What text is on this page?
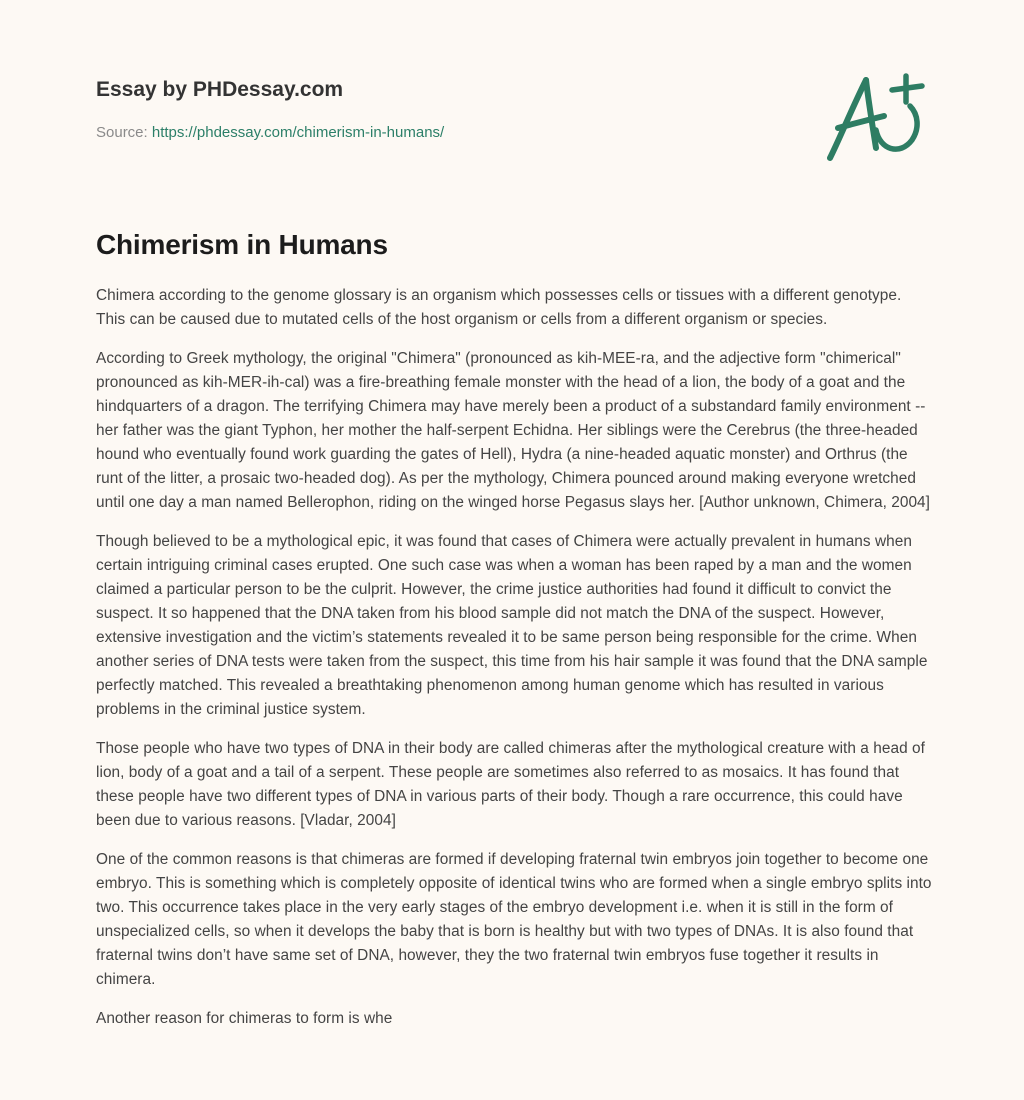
Essay by PHDessay.com
Source: https://phdessay.com/chimerism-in-humans/
Chimerism in Humans

Chimera according to the genome glossary is an organism which possesses cells or tissues with a different genotype. This can be caused due to mutated cells of the host organism or cells from a different organism or species.

According to Greek mythology, the original "Chimera" (pronounced as kih-MEE-ra, and the adjective form "chimerical" pronounced as kih-MER-ih-cal) was a fire-breathing female monster with the head of a lion, the body of a goat and the hindquarters of a dragon. The terrifying Chimera may have merely been a product of a substandard family environment -- her father was the giant Typhon, her mother the half-serpent Echidna. Her siblings were the Cerebrus (the three-headed hound who eventually found work guarding the gates of Hell), Hydra (a nine-headed aquatic monster) and Orthrus (the runt of the litter, a prosaic two-headed dog). As per the mythology, Chimera pounced around making everyone wretched until one day a man named Bellerophon, riding on the winged horse Pegasus slays her. [Author unknown, Chimera, 2004]

Though believed to be a mythological epic, it was found that cases of Chimera were actually prevalent in humans when certain intriguing criminal cases erupted. One such case was when a woman has been raped by a man and the women claimed a particular person to be the culprit. However, the crime justice authorities had found it difficult to convict the suspect. It so happened that the DNA taken from his blood sample did not match the DNA of the suspect. However, extensive investigation and the victim’s statements revealed it to be same person being responsible for the crime. When another series of DNA tests were taken from the suspect, this time from his hair sample it was found that the DNA sample perfectly matched. This revealed a breathtaking phenomenon among human genome which has resulted in various problems in the criminal justice system.

Those people who have two types of DNA in their body are called chimeras after the mythological creature with a head of lion, body of a goat and a tail of a serpent. These people are sometimes also referred to as mosaics. It has found that these people have two different types of DNA in various parts of their body. Though a rare occurrence, this could have been due to various reasons. [Vladar, 2004]

One of the common reasons is that chimeras are formed if developing fraternal twin embryos join together to become one embryo. This is something which is completely opposite of identical twins who are formed when a single embryo splits into two. This occurrence takes place in the very early stages of the embryo development i.e. when it is still in the form of unspecialized cells, so when it develops the baby that is born is healthy but with two types of DNAs. It is also found that fraternal twins don’t have same set of DNA, however, they the two fraternal twin embryos fuse together it results in chimera.

Another reason for chimeras to form is whe
